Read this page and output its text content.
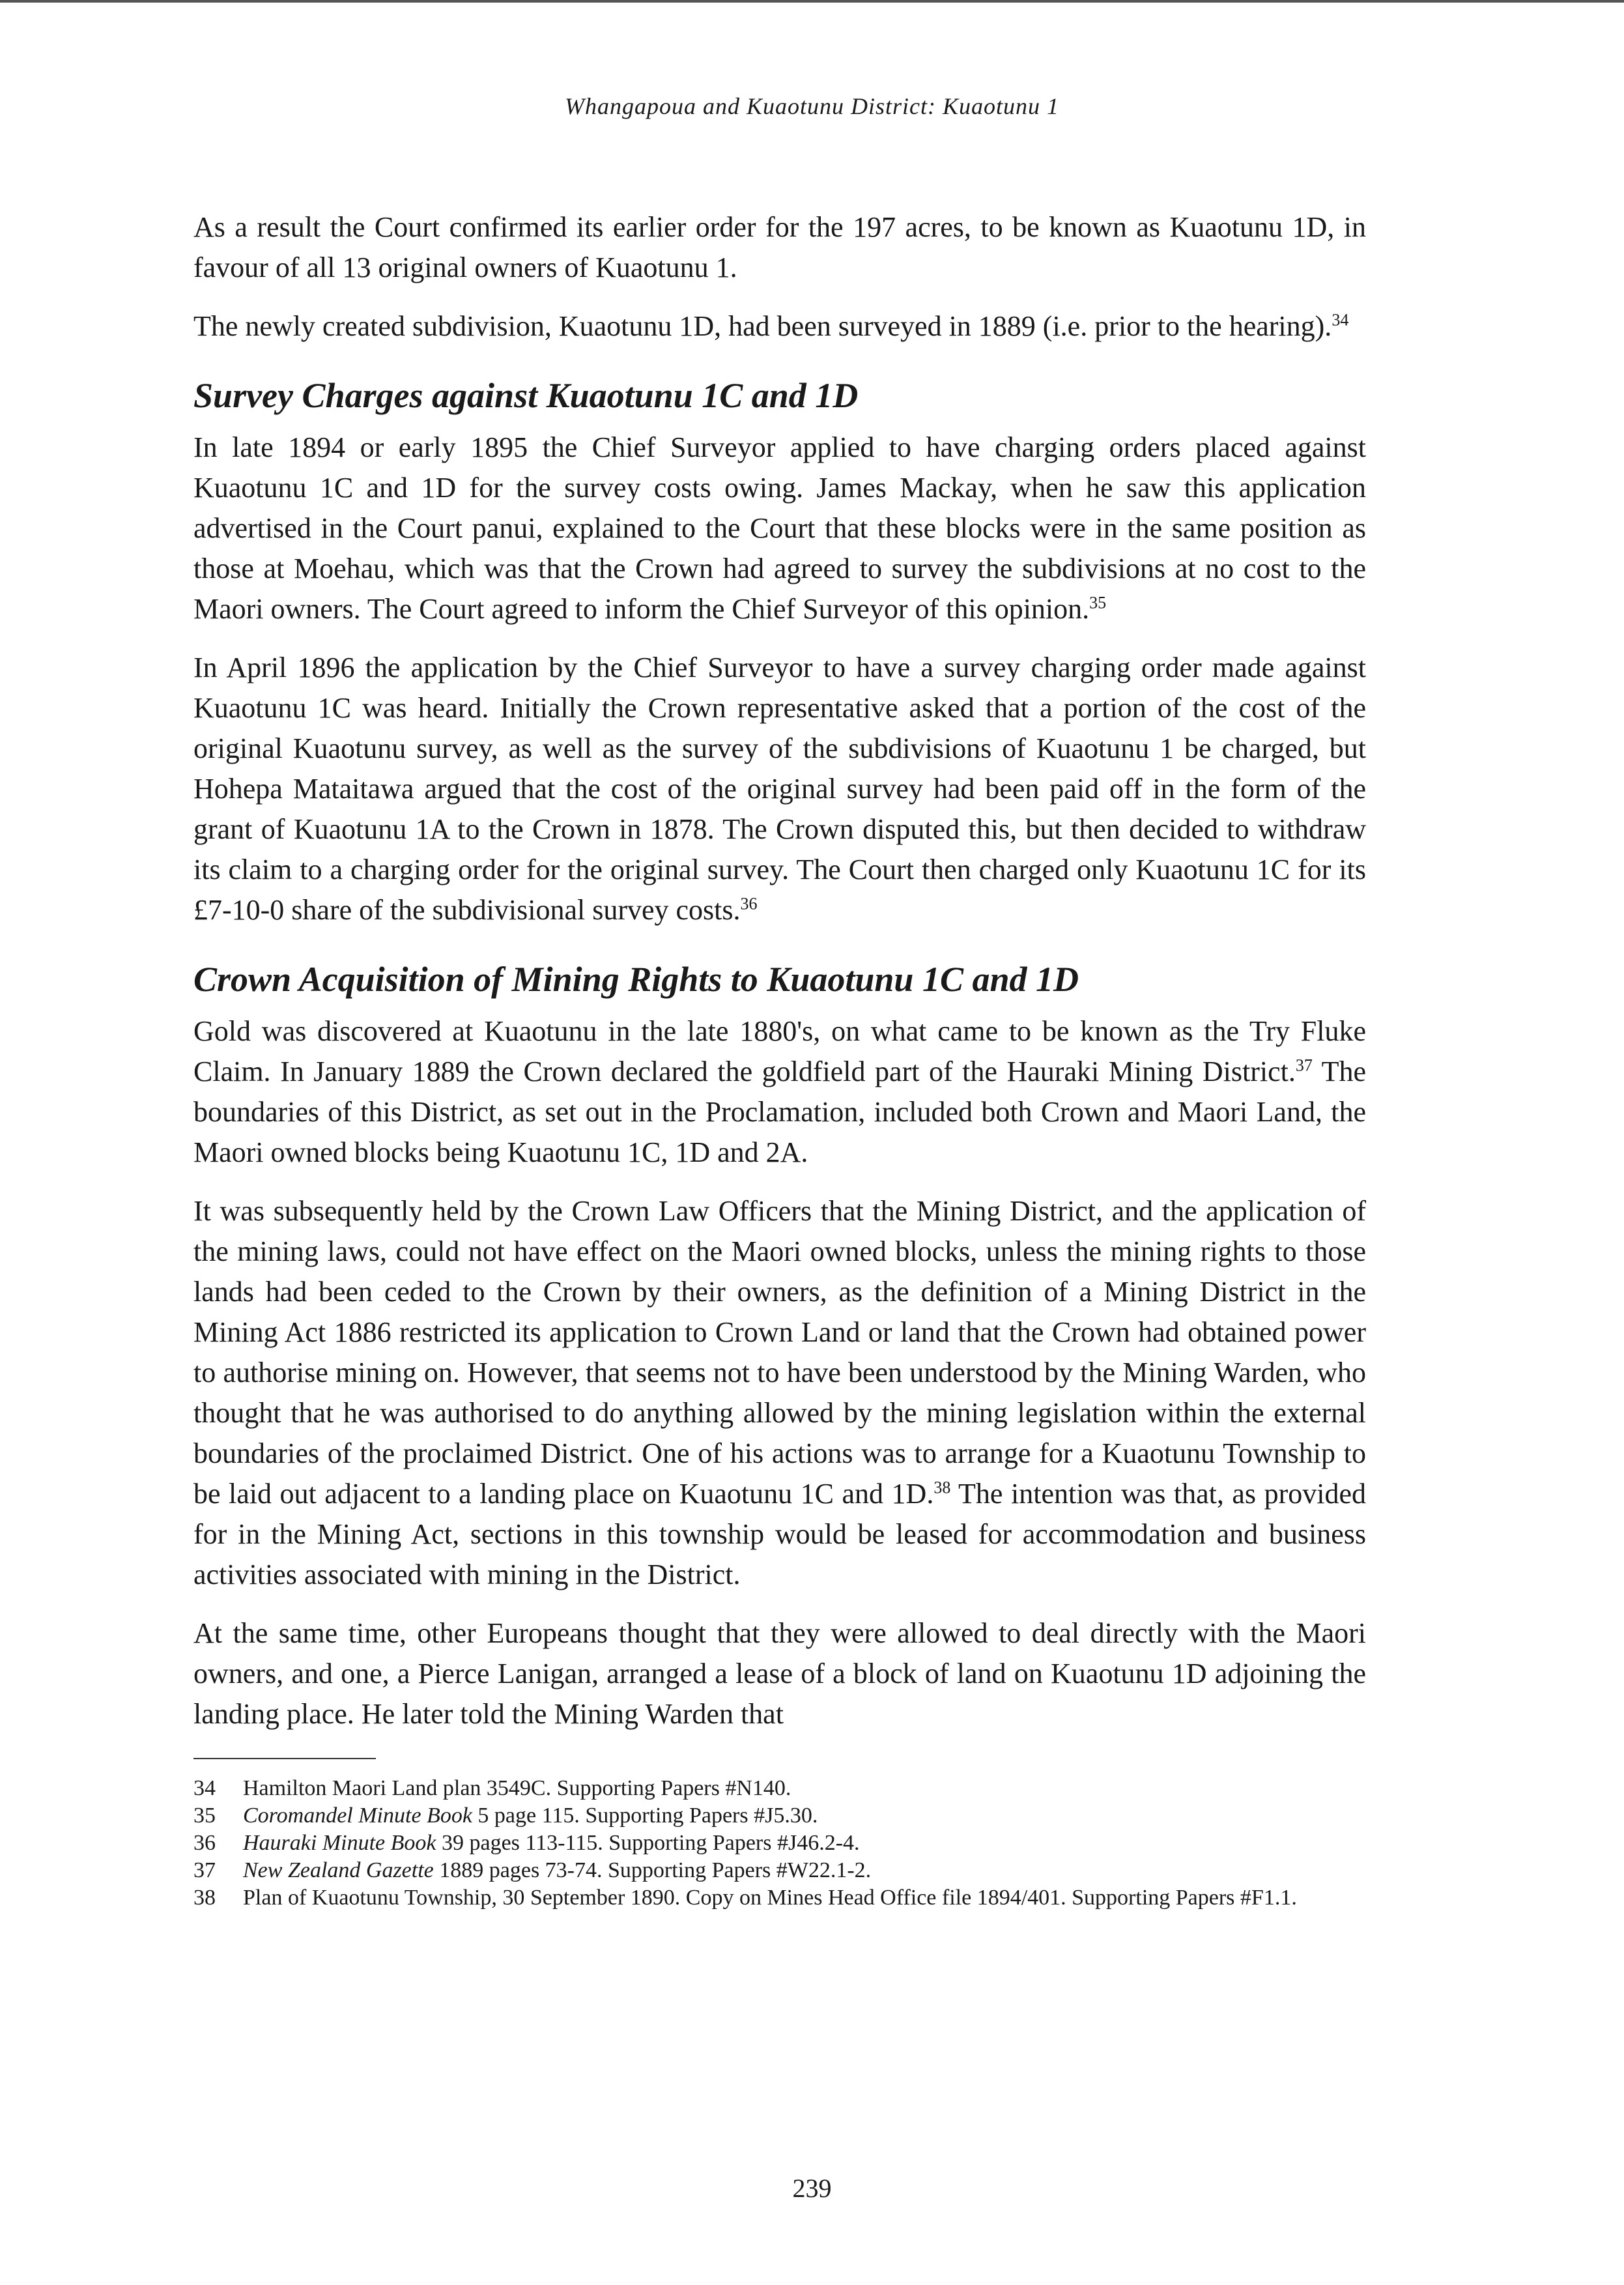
Whangapoua and Kuaotunu District: Kuaotunu 1

As a result the Court confirmed its earlier order for the 197 acres, to be known as Kuaotunu 1D, in favour of all 13 original owners of Kuaotunu 1.

The newly created subdivision, Kuaotunu 1D, had been surveyed in 1889 (i.e. prior to the hearing).$^{34}$

Survey Charges against Kuaotunu 1C and 1D

In late 1894 or early 1895 the Chief Surveyor applied to have charging orders placed against Kuaotunu 1C and 1D for the survey costs owing. James Mackay, when he saw this application advertised in the Court panui, explained to the Court that these blocks were in the same position as those at Moehau, which was that the Crown had agreed to survey the subdivisions at no cost to the Maori owners. The Court agreed to inform the Chief Surveyor of this opinion.$^{35}$

In April 1896 the application by the Chief Surveyor to have a survey charging order made against Kuaotunu 1C was heard. Initially the Crown representative asked that a portion of the cost of the original Kuaotunu survey, as well as the survey of the subdivisions of Kuaotunu 1 be charged, but Hohepa Mataitawa argued that the cost of the original survey had been paid off in the form of the grant of Kuaotunu 1A to the Crown in 1878. The Crown disputed this, but then decided to withdraw its claim to a charging order for the original survey. The Court then charged only Kuaotunu 1C for its £7-10-0 share of the subdivisional survey costs.$^{36}$

Crown Acquisition of Mining Rights to Kuaotunu 1C and 1D

Gold was discovered at Kuaotunu in the late 1880's, on what came to be known as the Try Fluke Claim. In January 1889 the Crown declared the goldfield part of the Hauraki Mining District.$^{37}$ The boundaries of this District, as set out in the Proclamation, included both Crown and Maori Land, the Maori owned blocks being Kuaotunu 1C, 1D and 2A.

It was subsequently held by the Crown Law Officers that the Mining District, and the application of the mining laws, could not have effect on the Maori owned blocks, unless the mining rights to those lands had been ceded to the Crown by their owners, as the definition of a Mining District in the Mining Act 1886 restricted its application to Crown Land or land that the Crown had obtained power to authorise mining on. However, that seems not to have been understood by the Mining Warden, who thought that he was authorised to do anything allowed by the mining legislation within the external boundaries of the proclaimed District. One of his actions was to arrange for a Kuaotunu Township to be laid out adjacent to a landing place on Kuaotunu 1C and 1D.$^{38}$ The intention was that, as provided for in the Mining Act, sections in this township would be leased for accommodation and business activities associated with mining in the District.

At the same time, other Europeans thought that they were allowed to deal directly with the Maori owners, and one, a Pierce Lanigan, arranged a lease of a block of land on Kuaotunu 1D adjoining the landing place. He later told the Mining Warden that

34	Hamilton Maori Land plan 3549C. Supporting Papers #N140.
35	Coromandel Minute Book 5 page 115. Supporting Papers #J5.30.
36	Hauraki Minute Book 39 pages 113-115. Supporting Papers #J46.2-4.
37	New Zealand Gazette 1889 pages 73-74. Supporting Papers #W22.1-2.
38	Plan of Kuaotunu Township, 30 September 1890. Copy on Mines Head Office file 1894/401. Supporting Papers #F1.1.
239
